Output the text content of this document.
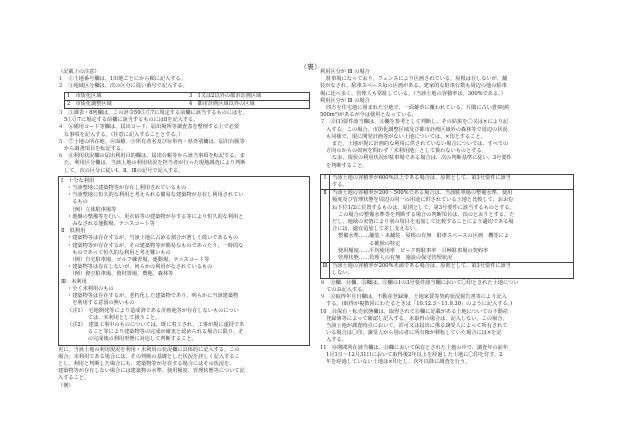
（裏）

（記載上の注意）

１　①土地番号欄は、1田地ごとにから順に記入する。

２　③地域区分欄は、次の区分に従い番号で記入する。

1　市街化区域	3　1又は2以外の都市計画区域
2　市街化調整区域	4　都市計画区域以外の区域

３　③課表・8列欄は、この評令50⑤⑦7に規定する前欄に該当するものにはを、

5①⑤7に規定する前欄に該当するものには8を記入する。

４　⑥備用コード等欄は、届出コード、届出場所等調査表を整理する上で必要

な事項を記入する。（任意に記入することとする。）

５　⑦土地の所在地、⑧面積、⑨所有者名及び⑩単内・県外別欄は、届出台帳等

から調書項目を転記する。

６　⑪利用状況欄の届出利用目的欄は、届出台帳等から該当事項を転記する。ま

た、利用区分欄は、当該土地の利用状況を担当者が行った現地調査により判断

して、次の区分に従いⅠ、Ⅱ、Ⅲの記号で記入する。

Ⅰ　十分な利用

・当該整地に建築物等が存在し利用されているもの

・当該整地に恒久的な利用と考えられる簡易な建築物が存在し利用されてい

　るもの

　（例）立体駐車場等

・地盤の整備等を行い、更衣宿等の建築物が存する等により恒久的な利用と

　みなされる運動場、テニスコート等

Ⅱ　低利用

・建築物等は存在するが、当該土地に占める割合が著しく低いであるもの

・建築物等が存在するが、その建築物等が簡易なものであったり、一時的な

　ものであって恒久的な利用と考え難いもの

　（例）自宅駐車場、ゴルフ練習場、運動場、テニスコート等

・建築物等は存在しないが、何らかの利用がなされているもの

　（例）資空駐車場、資材置場、農地、森林等

Ⅲ　未利用

・全く未利用のもの

・建築物等は存在するが、老朽化した建築物であり、明らかに当該建築物

　を利用する意図の無いもの

（注1）　宅地開発等により造成済である計画地等が存在しないものについ

　　　　ては、未利用として扱うこと。

（注2）　建築工事中のものについては、既に着工され、工事が現に遂持であ

　　　　ること等により建築物等の完成が確実と認められる場合に限り、そ

　　　　の完成後の利用形態に対応して判断すること。

更に、当該土地の利用現況を利用・未利用の状況欄に具体的に記入する。この

場合、未利用である場合には、その判断の基礎とした状況を詳しく記入するこ

とし、利用と判断した場合にも、建築物等が存在する場合にはその状況を、

建築物等が存在しない場合には建築物の水準、使用頻度、管理状態等について記

入すること。

（例）

利用区分が Ⅲ の場合

駐車場になっており、フェンスにより区画されている。屋根は存しないが、舗

装がなされ、駐車スペース毎の区画がある。建家的な駐車台数も周辺の他の駐車

場に比べ多く、管理人も常駐している。（当該土地の容積率は、300%である。）

利用区分が Ⅲ の場合

四方を住宅地に囲まれた空地で、一面雑草に覆われている。片隅に古い倉庫(約

500m²)があるが今は使用となっている。

７　⑫(1)要件該当欄は、⑪欄を参考として判断し、その結果を〇又は×により記

入する。この場合、市街化調整区域及び都市計画区域外の森林等で周辺の状況

も同様で、現に開発計画等がない土地については、×印とすること。

また、土地が現に計画的な利用に供されていない場合については、すべての

方向のからの如何を問わず「未利用地」として扱わないものとする。

なお、現状の利用状況が駐車場である場合は、次の判断基準に従い、3号要件

を判断すること。

Ⅰ	当該土地の容積率が600%以上である場合は、原則として、第3号要件に該当

する。

Ⅱ	当該土地の容積率が200～500%である場合は、当該駐車場の整備水準、使用

頻度及び管理状態を周辺の同一の用途に供されている土地と比較して、おおむ

ね下位1/2に位置するものは、原則として、第3号要件に該当するものとする。

この場合の整備水準等を判断する場合の判断項目は、次のとおりとする。た

だし、地域の実情により別の項目を追加して比較することにより適切である場

合には、適宜追加して差し支えない。

整備水準……舗装・未舗装　屋根の有無　駐車スペースの区画　機等によ

　　　　　　る範囲の特定

使用頻度……平均使用率　ピーク時駐車率　月極駐車場の契約率

管理状態……管理人の有無　施設の保守管理状況

Ⅲ 当該土地の容積率が200%未満である場合は、原則として、第3号要件に該当

しない。

８　⑫欄、⑬欄、⑮欄は、⑫欄の1の3号要件該当欄において〇印とされた土地につい

てのみ記入する。

９　⑫取得年月日欄は、不動産登録簿、土地家賃等契約状況報告書等により記入

する。(取得が複数回にわたるときは「10.12.3～11.9.30」のように記入する。)

10　⑬保有・転売状態欄は、取得されて⑫欄に記載がある土地についての不動産

登録簿等によって確認し記入する。未取得の場合は、記入しない。この場合、

当該土地が課査時点において、許可又は届出に係る譲受人によって所有されて

いる場合は〇印、譲受人から別の者に所有権が移転していた場合には×を記

入する。

11　⑭期間所在該当欄は、⑬欄において保有とされた土地の中で、調査年の前年

1月1日～12月31日において取得後2年以上を経過した土地に〇印を付す。2

年を経過していない土地は×印とし、次年以降に調査を行う。
